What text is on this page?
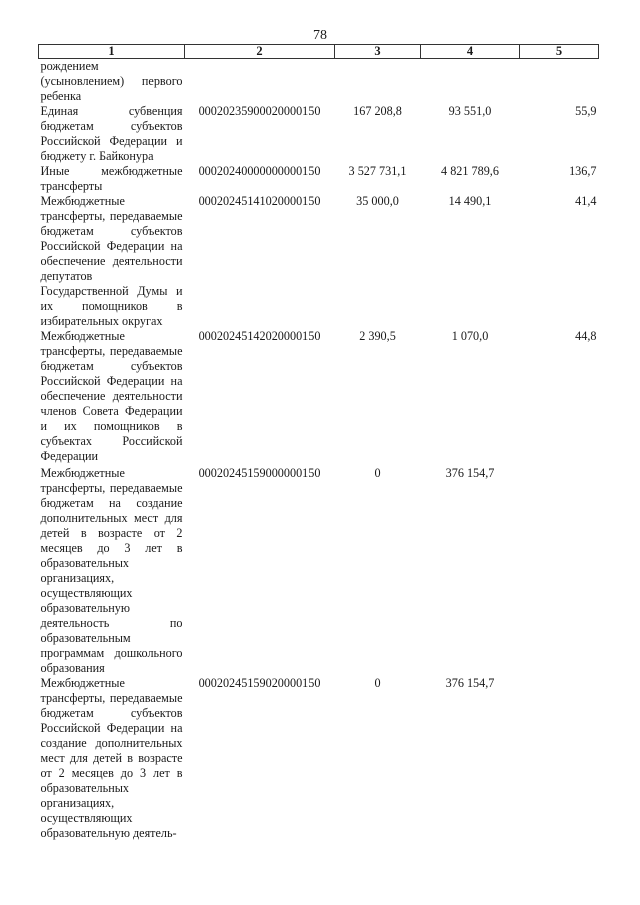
78
1	2	3	4	5
рождением (усыновлением) первого ребенка				
Единая субвенция бюджетам субъектов Российской Федерации и бюджету г. Байконура	00020235900020000150	167 208,8	93 551,0	55,9
Иные межбюджетные трансферты	00020240000000000150	3 527 731,1	4 821 789,6	136,7
Межбюджетные трансферты, передаваемые бюджетам субъектов Российской Федерации на обеспечение деятельности депутатов Государственной Думы и их помощников в избирательных округах	00020245141020000150	35 000,0	14 490,1	41,4
Межбюджетные трансферты, передаваемые бюджетам субъектов Российской Федерации на обеспечение деятельности членов Совета Федерации и их помощников в субъектах Российской Федерации	00020245142020000150	2 390,5	1 070,0	44,8
Межбюджетные трансферты, передаваемые бюджетам на создание дополнительных мест для детей в возрасте от 2 месяцев до 3 лет в образовательных организациях, осуществляющих образовательную деятельность по образовательным программам дошкольного образования	00020245159000000150	0	376 154,7	
Межбюджетные трансферты, передаваемые бюджетам субъектов Российской Федерации на создание дополнительных мест для детей в возрасте от 2 месяцев до 3 лет в образовательных организациях, осуществляющих образовательную деятель-	00020245159020000150	0	376 154,7	
